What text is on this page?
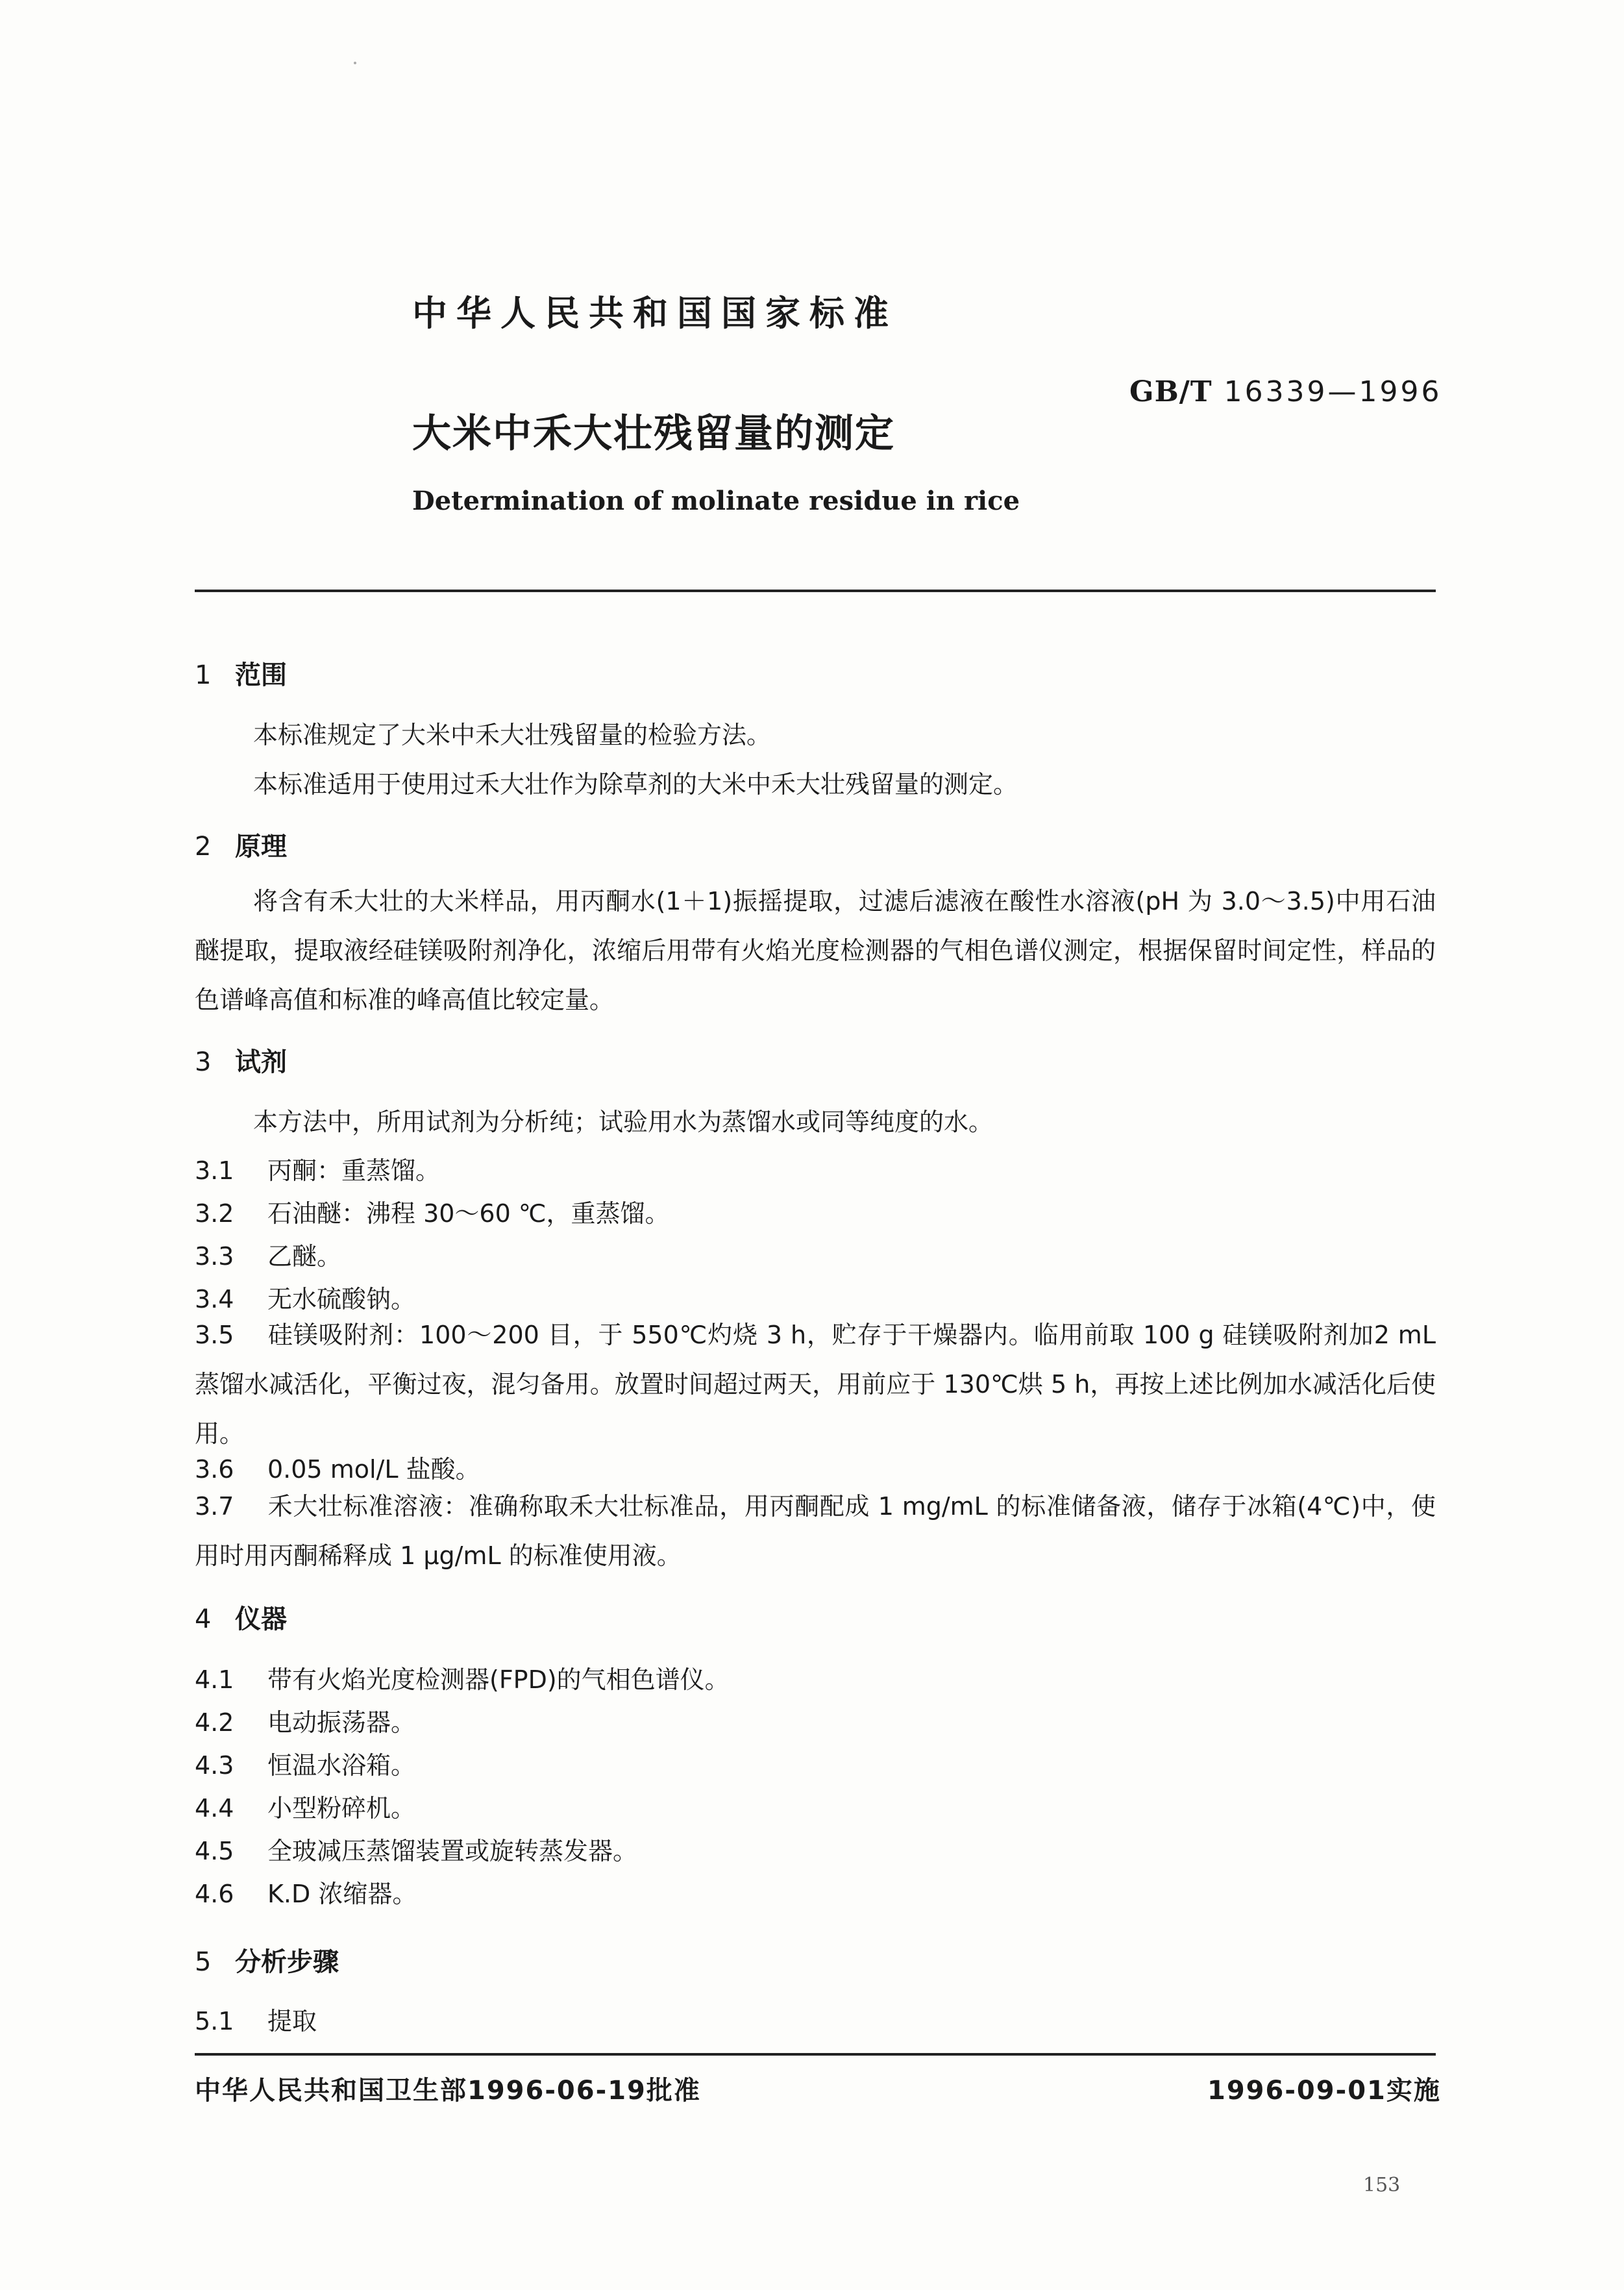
中华人民共和国国家标准
GB/T 16339—1996
大米中禾大壮残留量的测定
Determination of molinate residue in rice
1 范围
本标准规定了大米中禾大壮残留量的检验方法。
本标准适用于使用过禾大壮作为除草剂的大米中禾大壮残留量的测定。
2 原理
将含有禾大壮的大米样品，用丙酮水(1＋1)振摇提取，过滤后滤液在酸性水溶液(pH 为 3.0～3.5)中用石油醚提取，提取液经硅镁吸附剂净化，浓缩后用带有火焰光度检测器的气相色谱仪测定，根据保留时间定性，样品的色谱峰高值和标准的峰高值比较定量。
3 试剂
本方法中，所用试剂为分析纯；试验用水为蒸馏水或同等纯度的水。
3.1 丙酮：重蒸馏。
3.2 石油醚：沸程 30～60 ℃，重蒸馏。
3.3 乙醚。
3.4 无水硫酸钠。
3.5 硅镁吸附剂：100～200 目，于 550℃灼烧 3 h，贮存于干燥器内。临用前取 100 g 硅镁吸附剂加2 mL 蒸馏水减活化，平衡过夜，混匀备用。放置时间超过两天，用前应于 130℃烘 5 h，再按上述比例加水减活化后使用。
3.6 0.05 mol/L 盐酸。
3.7 禾大壮标准溶液：准确称取禾大壮标准品，用丙酮配成 1 mg/mL 的标准储备液，储存于冰箱(4℃)中，使用时用丙酮稀释成 1 μg/mL 的标准使用液。
4 仪器
4.1 带有火焰光度检测器(FPD)的气相色谱仪。
4.2 电动振荡器。
4.3 恒温水浴箱。
4.4 小型粉碎机。
4.5 全玻减压蒸馏装置或旋转蒸发器。
4.6 K.D 浓缩器。
5 分析步骤
5.1 提取
中华人民共和国卫生部1996-06-19批准	1996-09-01实施
153
